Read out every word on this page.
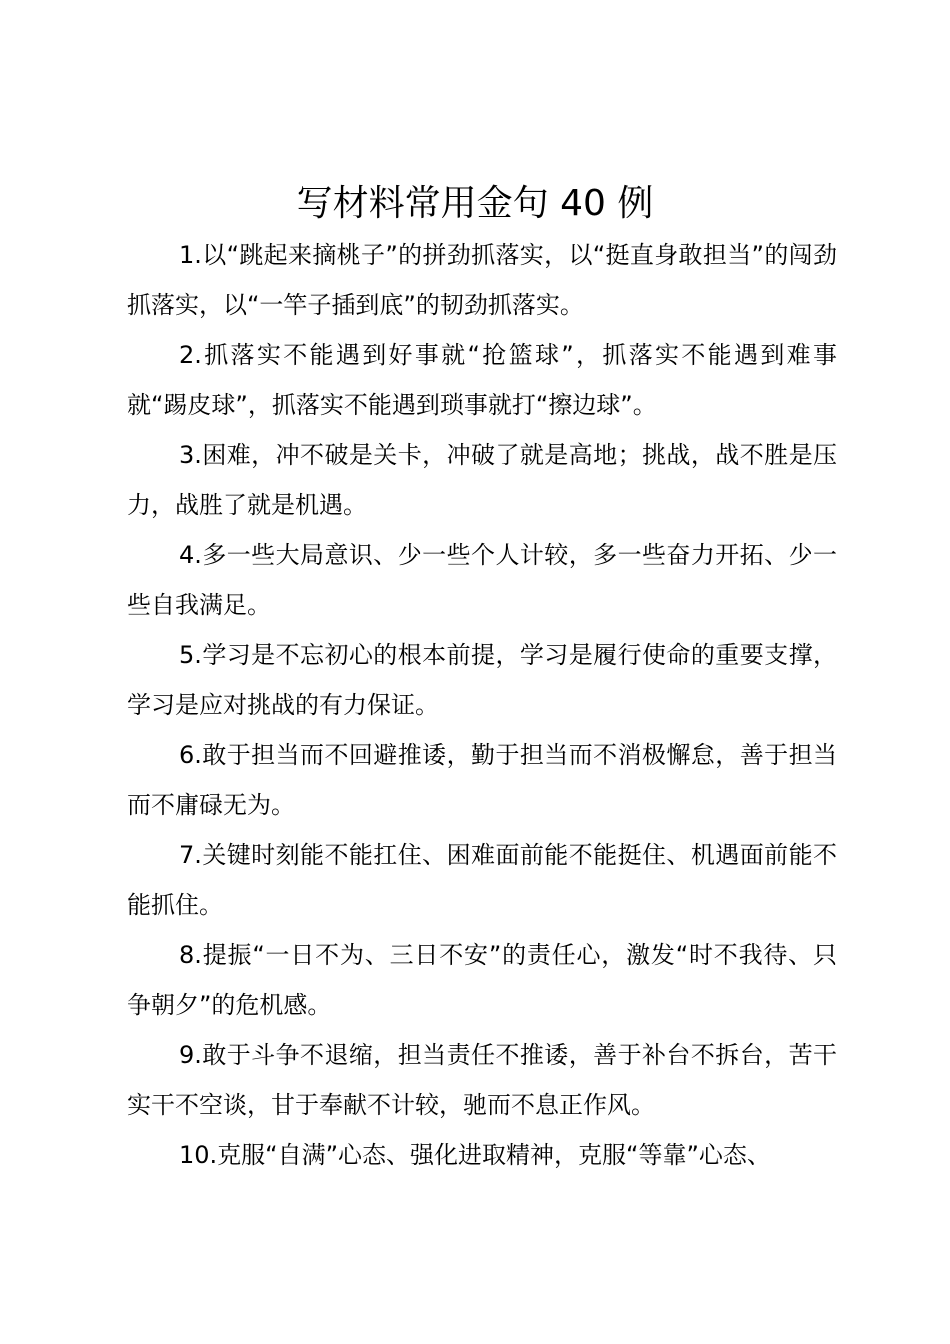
写材料常用金句 40 例

1.以“跳起来摘桃子”的拼劲抓落实，以“挺直身敢担当”的闯劲抓落实，以“一竿子插到底”的韧劲抓落实。

2.抓落实不能遇到好事就“抢篮球”，抓落实不能遇到难事就“踢皮球”，抓落实不能遇到琐事就打“擦边球”。

3.困难，冲不破是关卡，冲破了就是高地；挑战，战不胜是压力，战胜了就是机遇。

4.多一些大局意识、少一些个人计较，多一些奋力开拓、少一些自我满足。

5.学习是不忘初心的根本前提，学习是履行使命的重要支撑，学习是应对挑战的有力保证。

6.敢于担当而不回避推诿，勤于担当而不消极懈怠，善于担当而不庸碌无为。

7.关键时刻能不能扛住、困难面前能不能挺住、机遇面前能不能抓住。

8.提振“一日不为、三日不安”的责任心，激发“时不我待、只争朝夕”的危机感。

9.敢于斗争不退缩，担当责任不推诿，善于补台不拆台，苦干实干不空谈，甘于奉献不计较，驰而不息正作风。

10.克服“自满”心态、强化进取精神，克服“等靠”心态、
